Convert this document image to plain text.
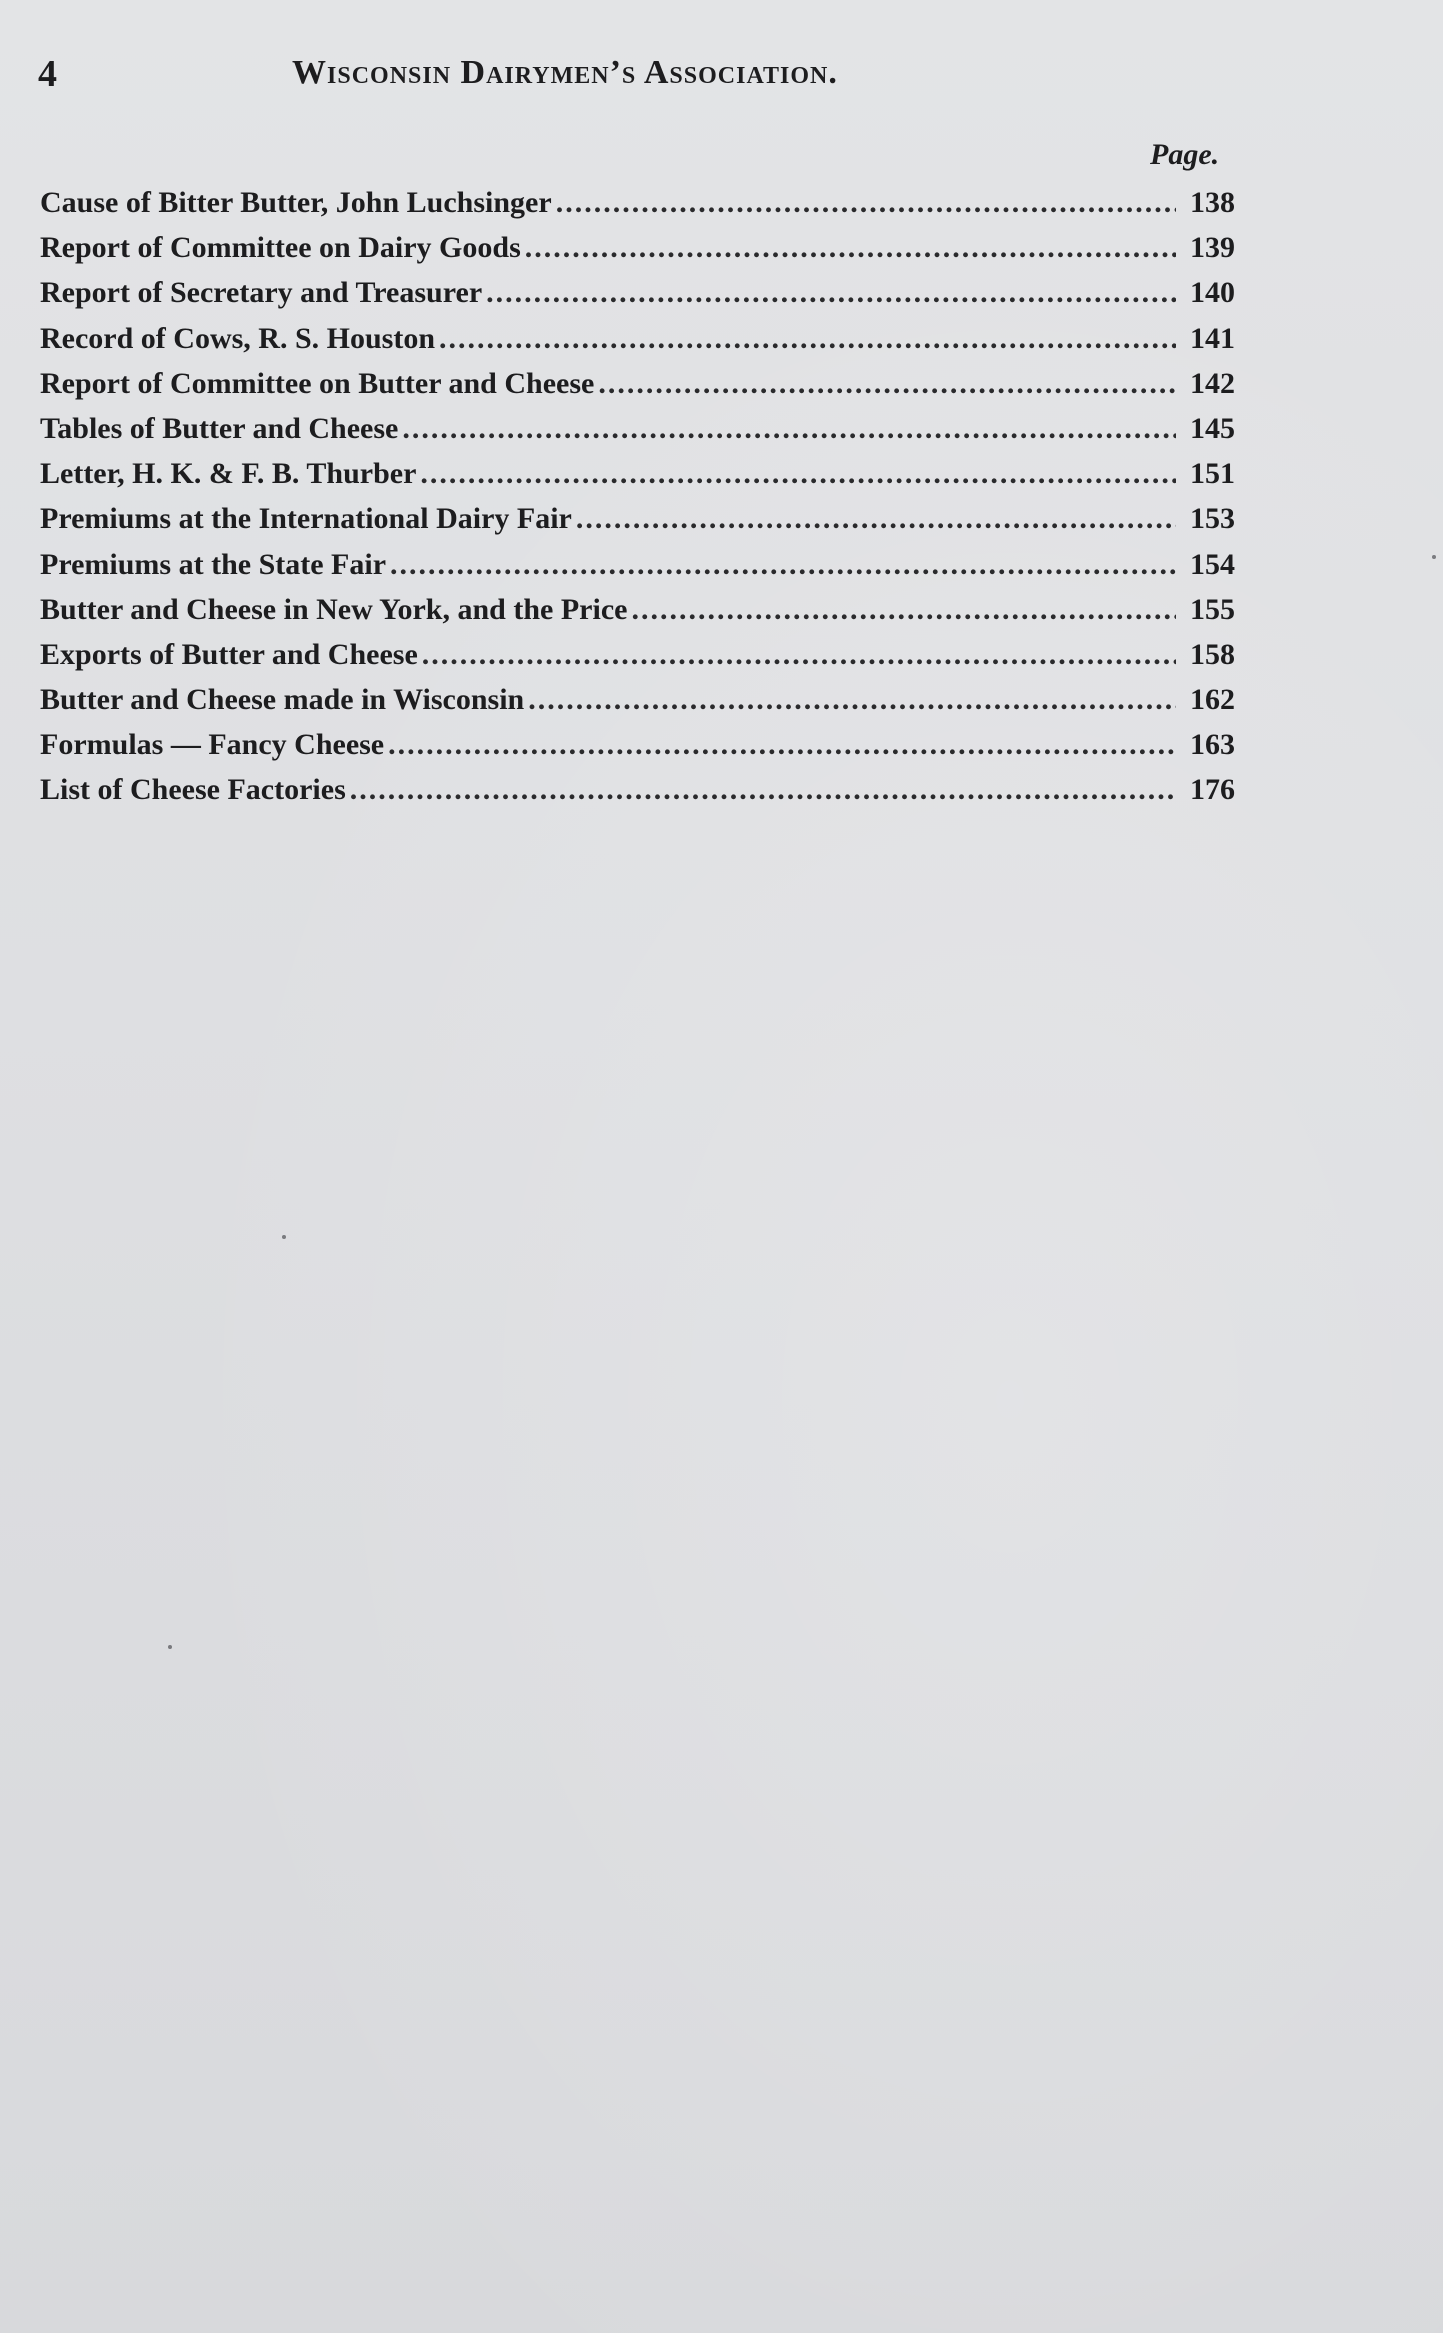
4	Wisconsin Dairymen’s Association.
Page.
Cause of Bitter Butter, John Luchsinger .....	138
Report of Committee on Dairy Goods .....	139
Report of Secretary and Treasurer .....	140
Record of Cows, R. S. Houston .....	141
Report of Committee on Butter and Cheese .....	142
Tables of Butter and Cheese .....	145
Letter, H. K. & F. B. Thurber .....	151
Premiums at the International Dairy Fair .....	153
Premiums at the State Fair .....	154
Butter and Cheese in New York, and the Price .....	155
Exports of Butter and Cheese .....	158
Butter and Cheese made in Wisconsin .....	162
Formulas — Fancy Cheese .....	163
List of Cheese Factories .....	176
